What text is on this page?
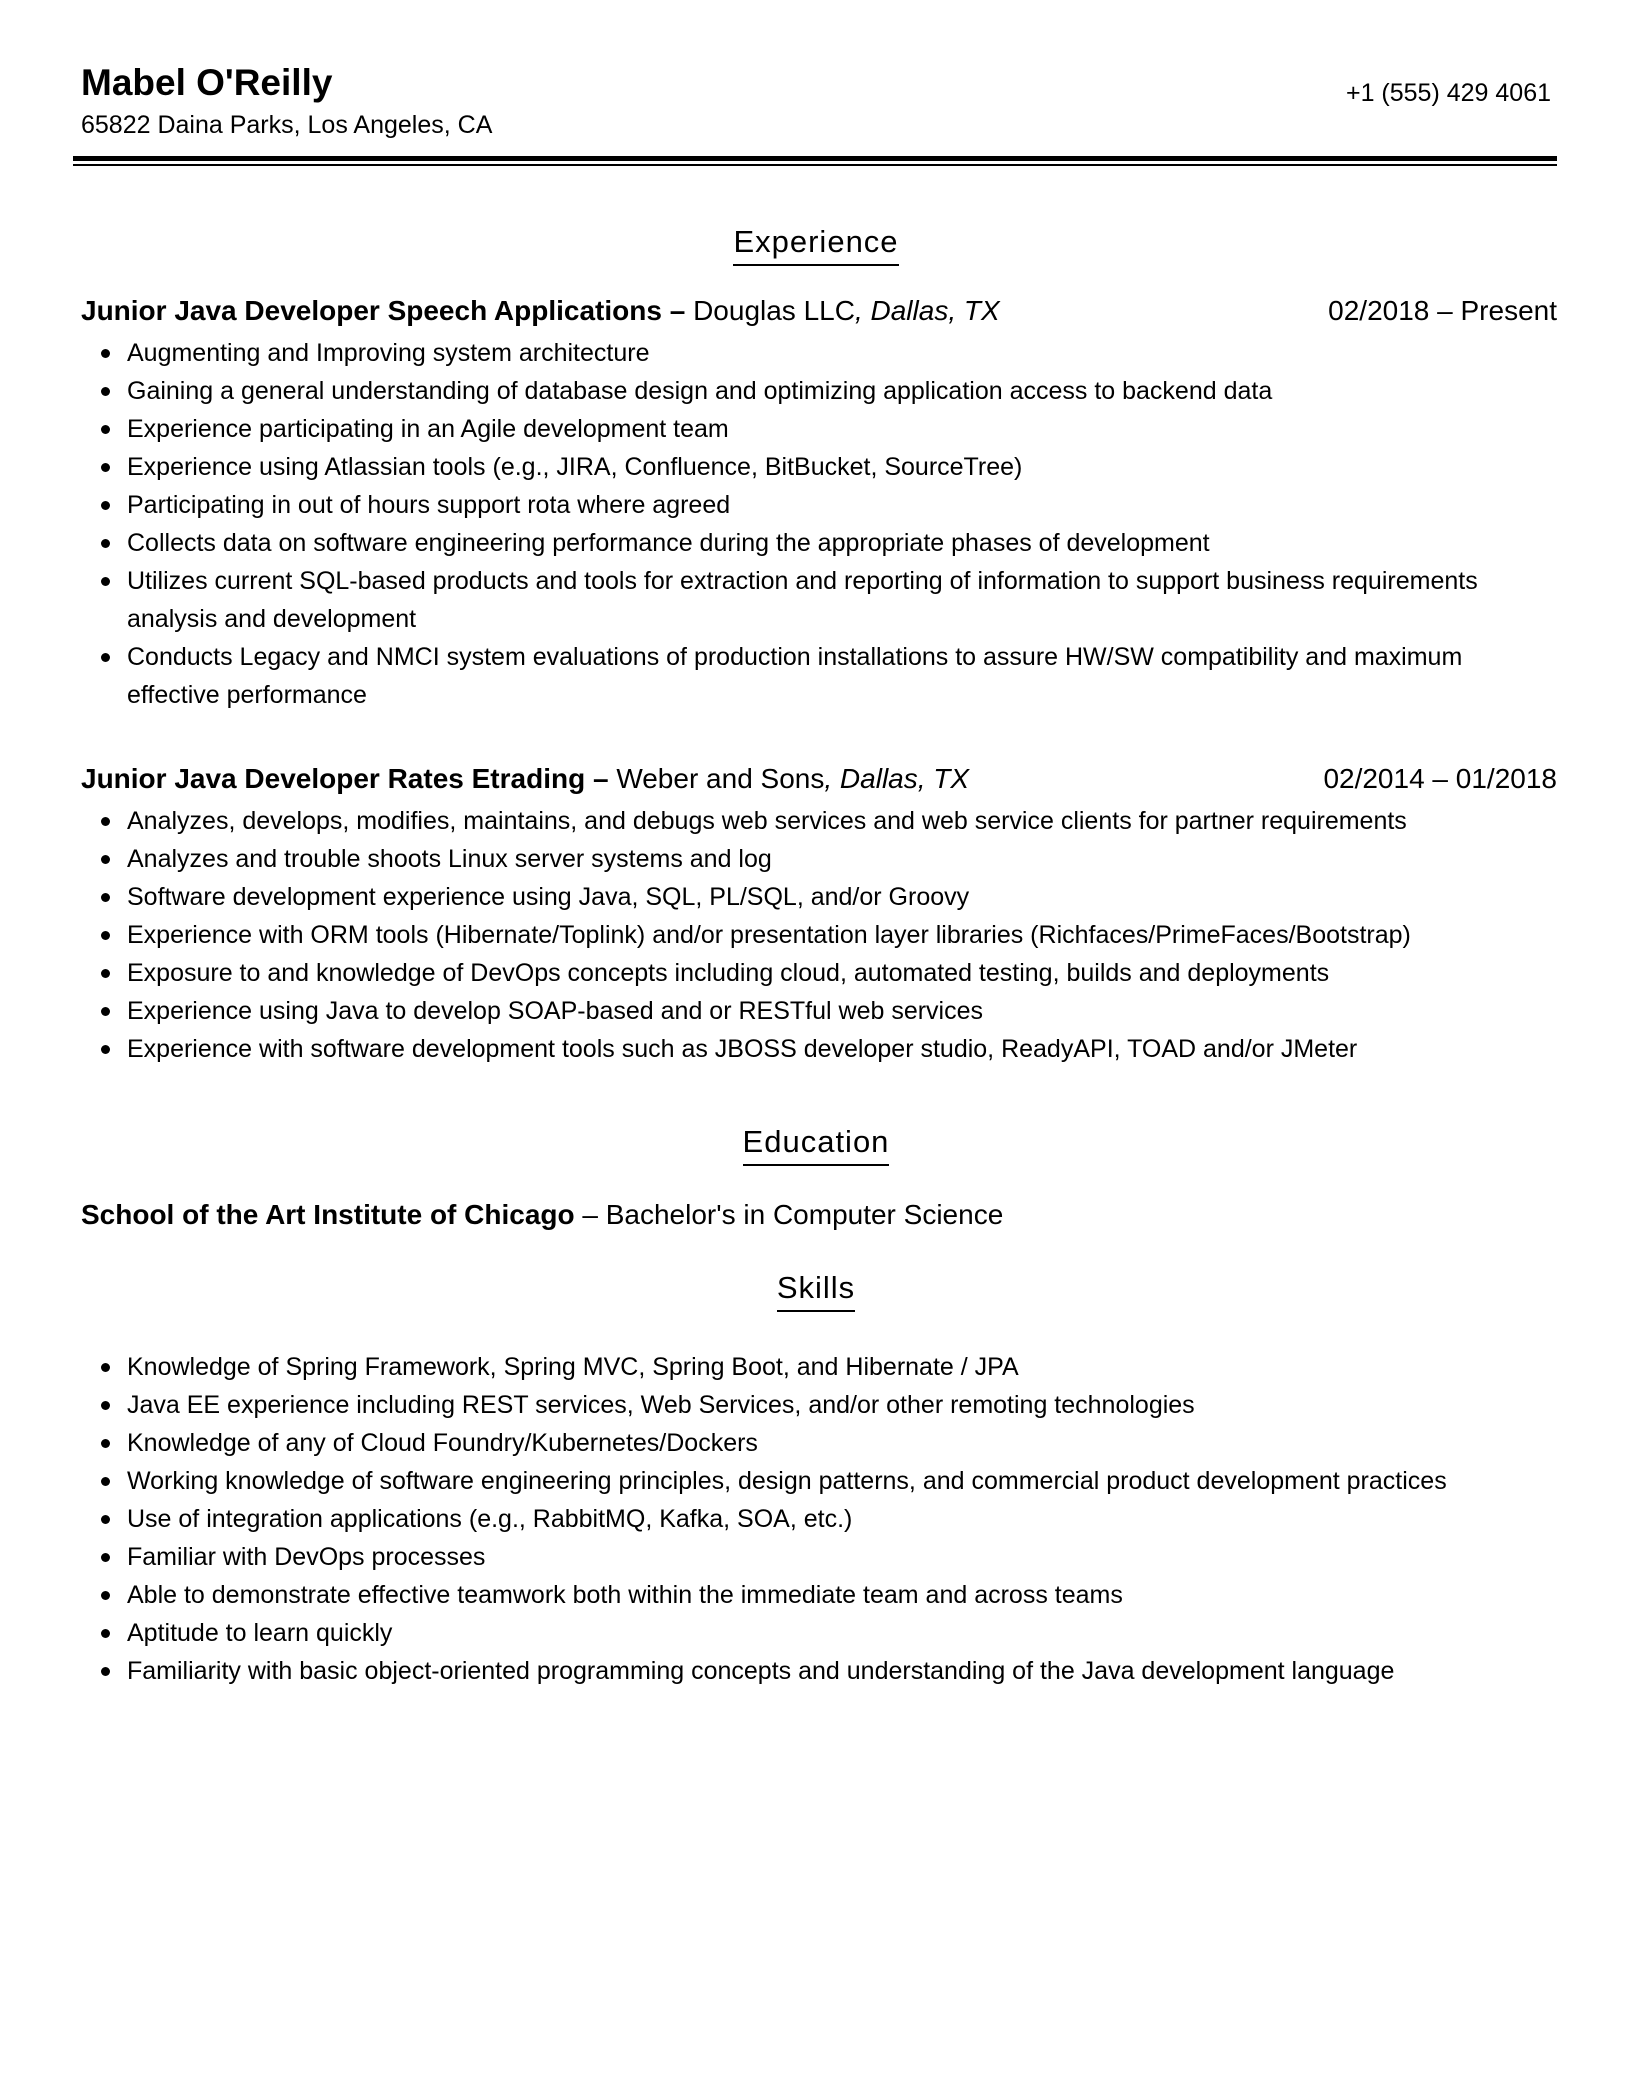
Mabel O'Reilly
65822 Daina Parks, Los Angeles, CA
+1 (555) 429 4061
Experience
Junior Java Developer Speech Applications – Douglas LLC, Dallas, TX	02/2018 – Present
Augmenting and Improving system architecture
Gaining a general understanding of database design and optimizing application access to backend data
Experience participating in an Agile development team
Experience using Atlassian tools (e.g., JIRA, Confluence, BitBucket, SourceTree)
Participating in out of hours support rota where agreed
Collects data on software engineering performance during the appropriate phases of development
Utilizes current SQL-based products and tools for extraction and reporting of information to support business requirements analysis and development
Conducts Legacy and NMCI system evaluations of production installations to assure HW/SW compatibility and maximum effective performance
Junior Java Developer Rates Etrading – Weber and Sons, Dallas, TX	02/2014 – 01/2018
Analyzes, develops, modifies, maintains, and debugs web services and web service clients for partner requirements
Analyzes and trouble shoots Linux server systems and log
Software development experience using Java, SQL, PL/SQL, and/or Groovy
Experience with ORM tools (Hibernate/Toplink) and/or presentation layer libraries (Richfaces/PrimeFaces/Bootstrap)
Exposure to and knowledge of DevOps concepts including cloud, automated testing, builds and deployments
Experience using Java to develop SOAP-based and or RESTful web services
Experience with software development tools such as JBOSS developer studio, ReadyAPI, TOAD and/or JMeter
Education
School of the Art Institute of Chicago – Bachelor's in Computer Science
Skills
Knowledge of Spring Framework, Spring MVC, Spring Boot, and Hibernate / JPA
Java EE experience including REST services, Web Services, and/or other remoting technologies
Knowledge of any of Cloud Foundry/Kubernetes/Dockers
Working knowledge of software engineering principles, design patterns, and commercial product development practices
Use of integration applications (e.g., RabbitMQ, Kafka, SOA, etc.)
Familiar with DevOps processes
Able to demonstrate effective teamwork both within the immediate team and across teams
Aptitude to learn quickly
Familiarity with basic object-oriented programming concepts and understanding of the Java development language
